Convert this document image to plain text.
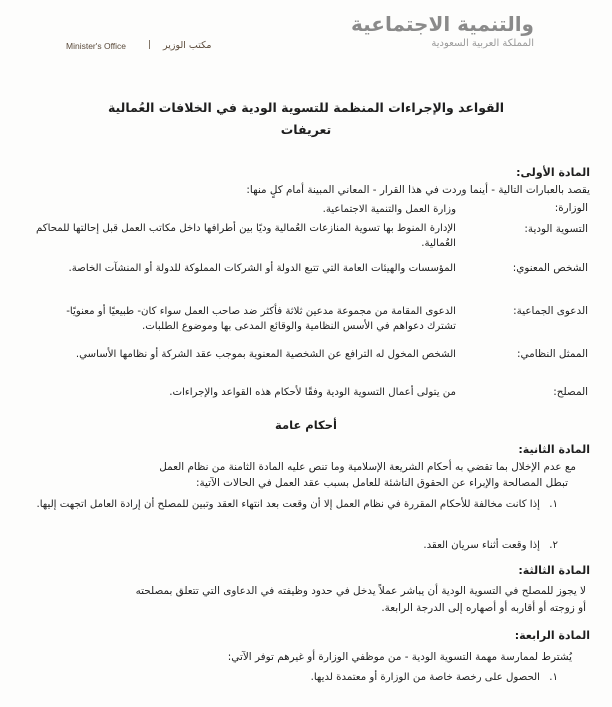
والتنمية الاجتماعية
المملكة العربية السعودية
Minister's Office | مكتب الوزير
القواعد والإجراءات المنظمة للتسوية الودية في الخلافات العُمالية
تعريفات
المادة الأولى:
يقصد بالعبارات التالية - أينما وردت في هذا القرار - المعاني المبينة أمام كلٍ منها:
الوزارة:
وزارة العمل والتنمية الاجتماعية.
التسوية الودية:
الإدارة المنوط بها تسوية المنازعات العُمالية وديًا بين أطرافها داخل مكاتب العمل قبل إحالتها للمحاكم العُمالية.
الشخص المعنوي:
المؤسسات والهيئات العامة التي تتبع الدولة أو الشركات المملوكة للدولة أو المنشآت الخاصة.
الدعوى الجماعية:
الدعوى المقامة من مجموعة مدعين ثلاثة فأكثر ضد صاحب العمل سواء كان- طبيعيًا أو معنويًا- تشترك دعواهم في الأسس النظامية والوقائع المدعى بها وموضوع الطلبات.
الممثل النظامي:
الشخص المخول له الترافع عن الشخصية المعنوية بموجب عقد الشركة أو نظامها الأساسي.
المصلح:
من يتولى أعمال التسوية الودية وفقًا لأحكام هذه القواعد والإجراءات.
أحكام عامة
المادة الثانية:
مع عدم الإخلال بما تقضي به أحكام الشريعة الإسلامية وما تنص عليه المادة الثامنة من نظام العمل
تبطل المصالحة والإبراء عن الحقوق الناشئة للعامل بسبب عقد العمل في الحالات الآتية:
١.
إذا كانت مخالفة للأحكام المقررة في نظام العمل إلا أن وقعت بعد انتهاء العقد وتبين للمصلح أن إرادة العامل اتجهت إليها.
٢.
إذا وقعت أثناء سريان العقد.
المادة الثالثة:
لا يجوز للمصلح في التسوية الودية أن يباشر عملاً يدخل في حدود وظيفته في الدعاوى التي تتعلق بمصلحته
أو زوجته أو أقاربه أو أصهاره إلى الدرجة الرابعة.
المادة الرابعة:
يُشترط لممارسة مهمة التسوية الودية - من موظفي الوزارة أو غيرهم توفر الآتي:
١.
الحصول على رخصة خاصة من الوزارة أو معتمدة لديها.
